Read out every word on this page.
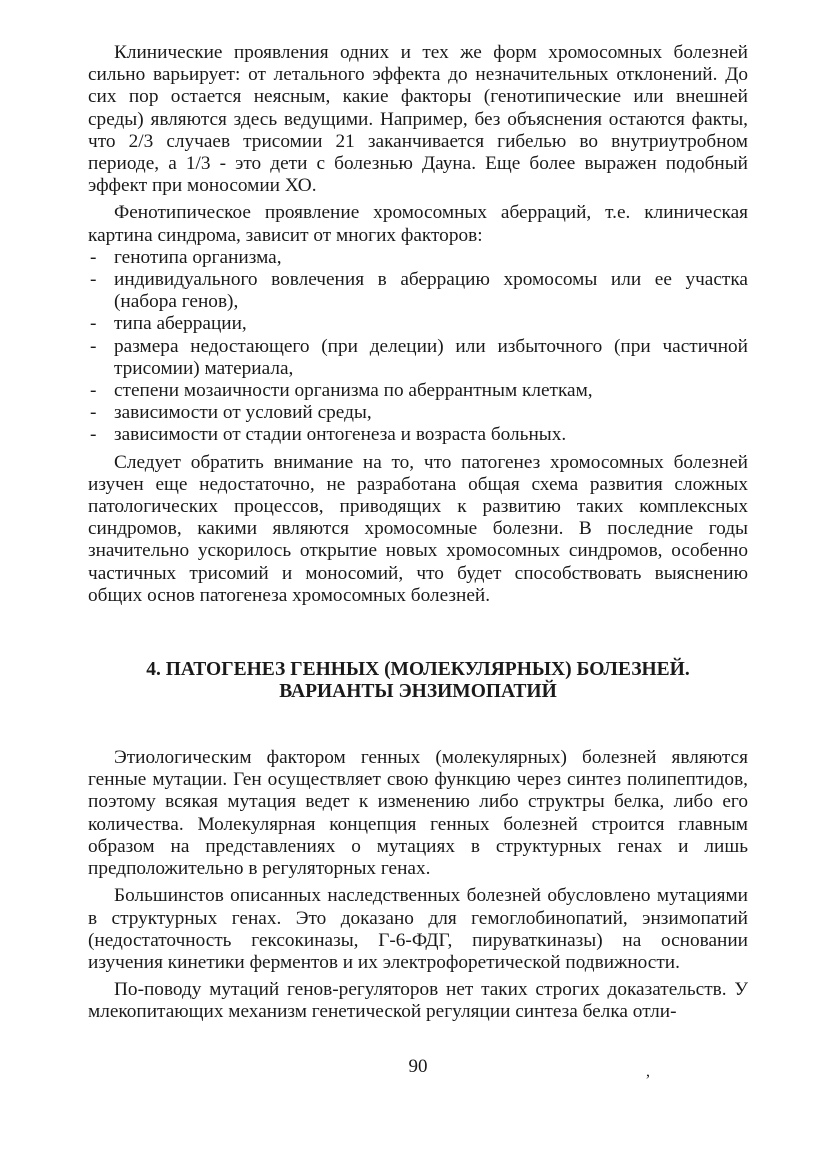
Клиничеcкие проявления одних и тех же форм хромосомных болезней сильно варьирует: от летального эффекта до незначительных отклонений. До сих пор остается неясным, какие факторы (генотипические или внешней среды) являются здесь ведущими. Например, без объяснения остаются факты, что 2/3 случаев трисомии 21 заканчивается гибелью во внутриутробном периоде, а 1/3 - это дети с болезнью Дауна. Еще более выражен подобный эффект при моносомии ХО.

Фенотипическое проявление хромосомных аберраций, т.е. клиническая картина синдрома, зависит от многих факторов:

- генотипа организма,
- индивидуального вовлечения в аберрацию хромосомы или ее участка (набора генов),
- типа аберрации,
- размера недостающего (при делеции) или избыточного (при частичной трисомии) материала,
- степени мозаичности организма по аберрантным клеткам,
- зависимости от условий среды,
- зависимости от стадии онтогенеза и возраста больных.

Следует обратить внимание на то, что патогенез хромосомных болезней изучен еще недостаточно, не разработана общая схема развития сложных патологических процессов, приводящих к развитию таких комплексных синдромов, какими являются хромосомные болезни. В последние годы значительно ускорилось открытие новых хромосомных синдромов, особенно частичных трисомий и моносомий, что будет способствовать выяснению общих основ патогенеза хромосомных болезней.

4. ПАТОГЕНЕЗ ГЕННЫХ (МОЛЕКУЛЯРНЫХ) БОЛЕЗНЕЙ.
ВАРИАНТЫ ЭНЗИМОПАТИЙ

Этиологическим фактором генных (молекулярных) болезней являются генные мутации. Ген осуществляет свою функцию через синтез полипептидов, поэтому всякая мутация ведет к изменению либо структры белка, либо его количества. Молекулярная концепция генных болезней строится главным образом на представлениях о мутациях в структурных генах и лишь предположительно в регуляторных генах.

Большинстов описанных наследственных болезней обусловлено мутациями в структурных генах. Это доказано для гемоглобинопатий, энзимопатий (недостаточность гексокиназы, Г-6-ФДГ, пируваткиназы) на основании изучения кинетики ферментов и их электрофоретической подвижности.

По-поводу мутаций генов-регуляторов нет таких строгих доказательств. У млекопитающих механизм генетической регуляции синтеза белка отли-

90	,
